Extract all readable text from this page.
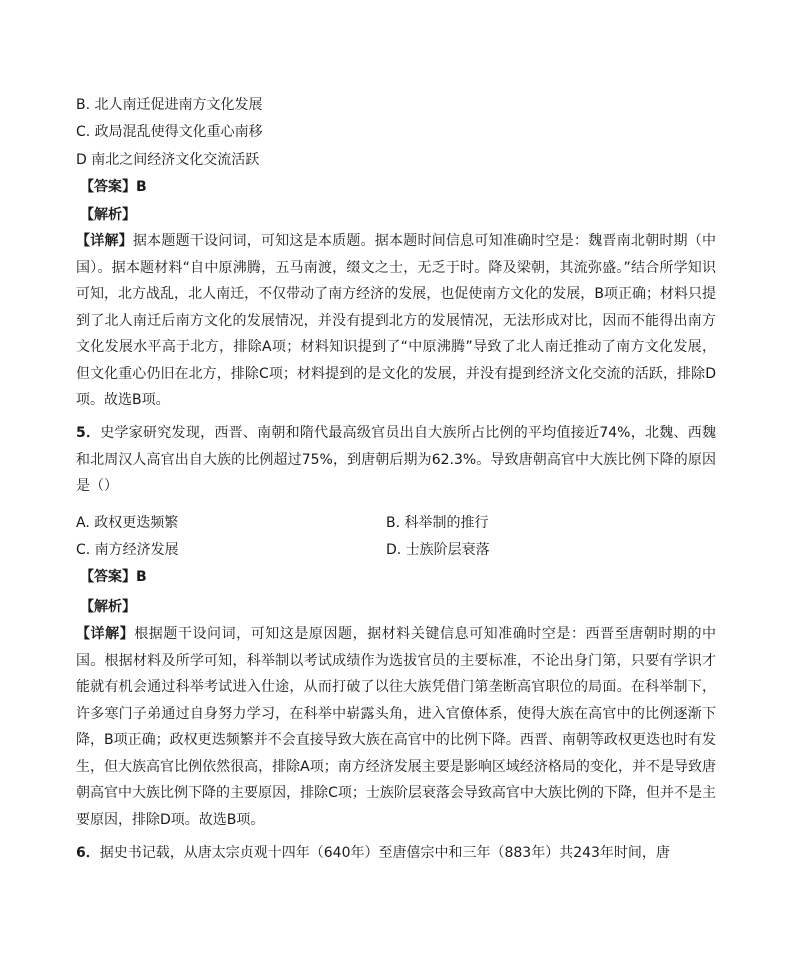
B. 北人南迁促进南方文化发展
C. 政局混乱使得文化重心南移
D 南北之间经济文化交流活跃
【答案】B
【解析】
【详解】据本题题干设问词，可知这是本质题。据本题时间信息可知准确时空是：魏晋南北朝时期（中国）。据本题材料“自中原沸腾，五马南渡，缀文之士，无乏于时。降及梁朝，其流弥盛。”结合所学知识可知，北方战乱，北人南迁，不仅带动了南方经济的发展，也促使南方文化的发展，B项正确；材料只提到了北人南迁后南方文化的发展情况，并没有提到北方的发展情况，无法形成对比，因而不能得出南方文化发展水平高于北方，排除A项；材料知识提到了“中原沸腾”导致了北人南迁推动了南方文化发展，但文化重心仍旧在北方，排除C项；材料提到的是文化的发展，并没有提到经济文化交流的活跃，排除D项。故选B项。
5．史学家研究发现，西晋、南朝和隋代最高级官员出自大族所占比例的平均值接近74%，北魏、西魏和北周汉人高官出自大族的比例超过75%，到唐朝后期为62.3%。导致唐朝高官中大族比例下降的原因是（）
A. 政权更迭频繁	B. 科举制的推行
C. 南方经济发展	D. 士族阶层衰落
【答案】B
【解析】
【详解】根据题干设问词，可知这是原因题，据材料关键信息可知准确时空是：西晋至唐朝时期的中国。根据材料及所学可知，科举制以考试成绩作为选拔官员的主要标准，不论出身门第，只要有学识才能就有机会通过科举考试进入仕途，从而打破了以往大族凭借门第垄断高官职位的局面。在科举制下，许多寒门子弟通过自身努力学习，在科举中崭露头角，进入官僚体系，使得大族在高官中的比例逐渐下降，B项正确；政权更迭频繁并不会直接导致大族在高官中的比例下降。西晋、南朝等政权更迭也时有发生，但大族高官比例依然很高，排除A项；南方经济发展主要是影响区域经济格局的变化，并不是导致唐朝高官中大族比例下降的主要原因，排除C项；士族阶层衰落会导致高官中大族比例的下降，但并不是主要原因，排除D项。故选B项。
6．据史书记载，从唐太宗贞观十四年（640年）至唐僖宗中和三年（883年）共243年时间，唐
